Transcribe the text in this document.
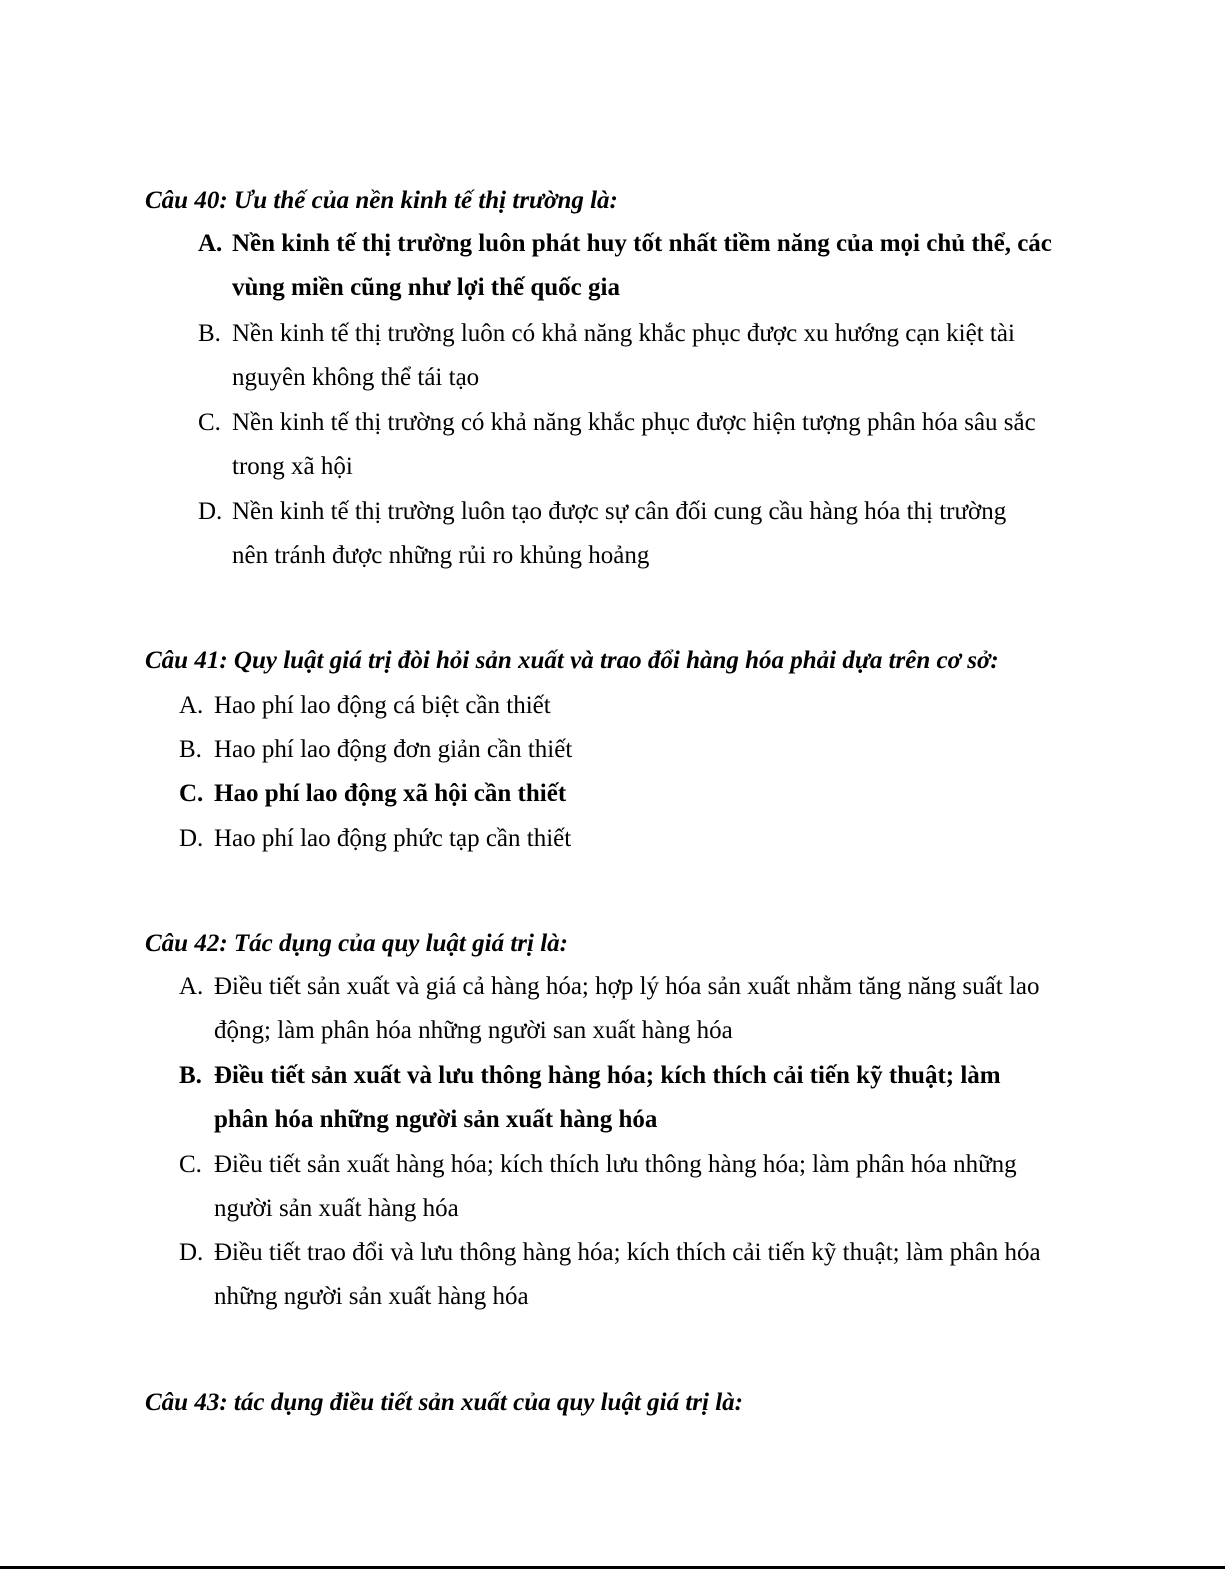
Câu 40: Ưu thế của nền kinh tế thị trường là:
A. Nền kinh tế thị trường luôn phát huy tốt nhất tiềm năng của mọi chủ thể, các vùng miền cũng như lợi thế quốc gia
B. Nền kinh tế thị trường luôn có khả năng khắc phục được xu hướng cạn kiệt tài nguyên không thể tái tạo
C. Nền kinh tế thị trường có khả năng khắc phục được hiện tượng phân hóa sâu sắc trong xã hội
D. Nền kinh tế thị trường luôn tạo được sự cân đối cung cầu hàng hóa thị trường nên tránh được những rủi ro khủng hoảng
Câu 41: Quy luật giá trị đòi hỏi sản xuất và trao đổi hàng hóa phải dựa trên cơ sở:
A. Hao phí lao động cá biệt cần thiết
B. Hao phí lao động đơn giản cần thiết
C. Hao phí lao động xã hội cần thiết
D. Hao phí lao động phức tạp cần thiết
Câu 42: Tác dụng của quy luật giá trị là:
A. Điều tiết sản xuất và giá cả hàng hóa; hợp lý hóa sản xuất nhằm tăng năng suất lao động; làm phân hóa những người san xuất hàng hóa
B. Điều tiết sản xuất và lưu thông hàng hóa; kích thích cải tiến kỹ thuật; làm phân hóa những người sản xuất hàng hóa
C. Điều tiết sản xuất hàng hóa; kích thích lưu thông hàng hóa; làm phân hóa những người sản xuất hàng hóa
D. Điều tiết trao đổi và lưu thông hàng hóa; kích thích cải tiến kỹ thuật; làm phân hóa những người sản xuất hàng hóa
Câu 43: tác dụng điều tiết sản xuất của quy luật giá trị là:
